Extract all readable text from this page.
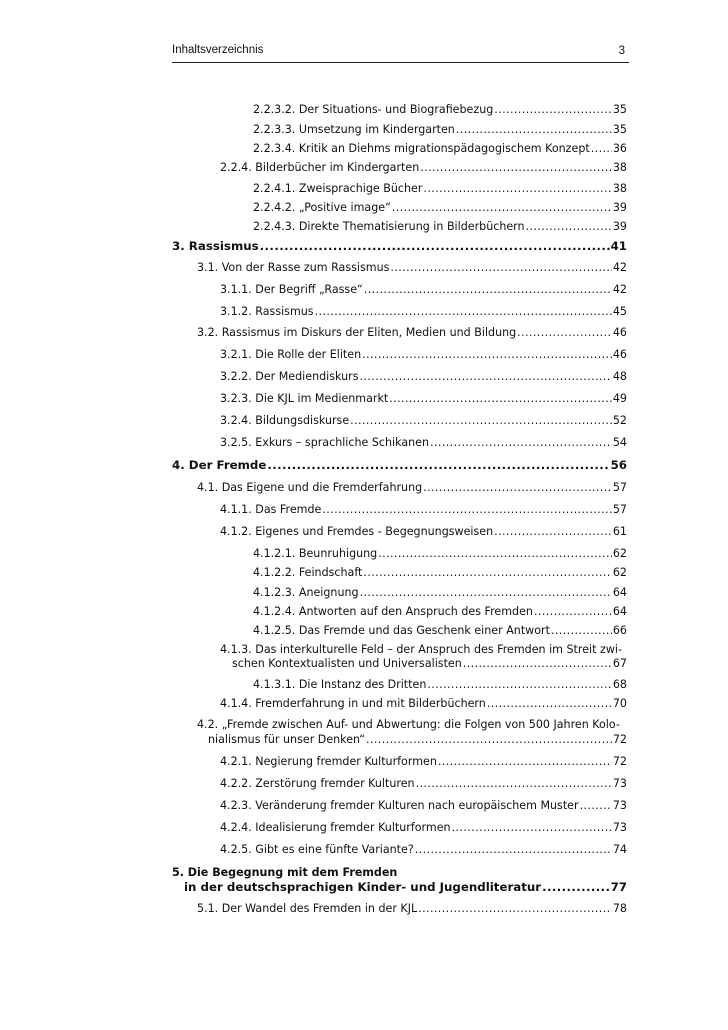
Inhaltsverzeichnis	3
2.2.3.2. Der Situations- und Biografiebezug .....	35
2.2.3.3. Umsetzung im Kindergarten .....	35
2.2.3.4. Kritik an Diehms migrationspädagogischem Konzept ..... 36
2.2.4. Bilderbücher im Kindergarten .....	38
2.2.4.1. Zweisprachige Bücher .....	38
2.2.4.2. „Positive image“ .....	39
2.2.4.3. Direkte Thematisierung in Bilderbüchern .....	39
3. Rassismus .....	41
3.1. Von der Rasse zum Rassismus .....	42
3.1.1. Der Begriff „Rasse“ .....	42
3.1.2. Rassismus .....	45
3.2. Rassismus im Diskurs der Eliten, Medien und Bildung .....	46
3.2.1. Die Rolle der Eliten .....	46
3.2.2. Der Mediendiskurs .....	48
3.2.3. Die KJL im Medienmarkt .....	49
3.2.4. Bildungsdiskurse .....	52
3.2.5. Exkurs – sprachliche Schikanen .....	54
4. Der Fremde .....	56
4.1. Das Eigene und die Fremderfahrung .....	57
4.1.1. Das Fremde .....	57
4.1.2. Eigenes und Fremdes - Begegnungsweisen .....	61
4.1.2.1. Beunruhigung .....	62
4.1.2.2. Feindschaft .....	62
4.1.2.3. Aneignung .....	64
4.1.2.4. Antworten auf den Anspruch des Fremden .....	64
4.1.2.5. Das Fremde und das Geschenk einer Antwort .....	66
4.1.3. Das interkulturelle Feld – der Anspruch des Fremden im Streit zwi-
schen Kontextualisten und Universalisten .....	67
4.1.3.1. Die Instanz des Dritten .....	68
4.1.4. Fremderfahrung in und mit Bilderbüchern .....	70
4.2. „Fremde zwischen Auf- und Abwertung: die Folgen von 500 Jahren Kolo-
nialismus für unser Denken“ .....	72
4.2.1. Negierung fremder Kulturformen .....	72
4.2.2. Zerstörung fremder Kulturen .....	73
4.2.3. Veränderung fremder Kulturen nach europäischem Muster .....	73
4.2.4. Idealisierung fremder Kulturformen .....	73
4.2.5. Gibt es eine fünfte Variante? .....	74
5. Die Begegnung mit dem Fremden
in der deutschsprachigen Kinder- und Jugendliteratur .....	77
5.1. Der Wandel des Fremden in der KJL .....	78
